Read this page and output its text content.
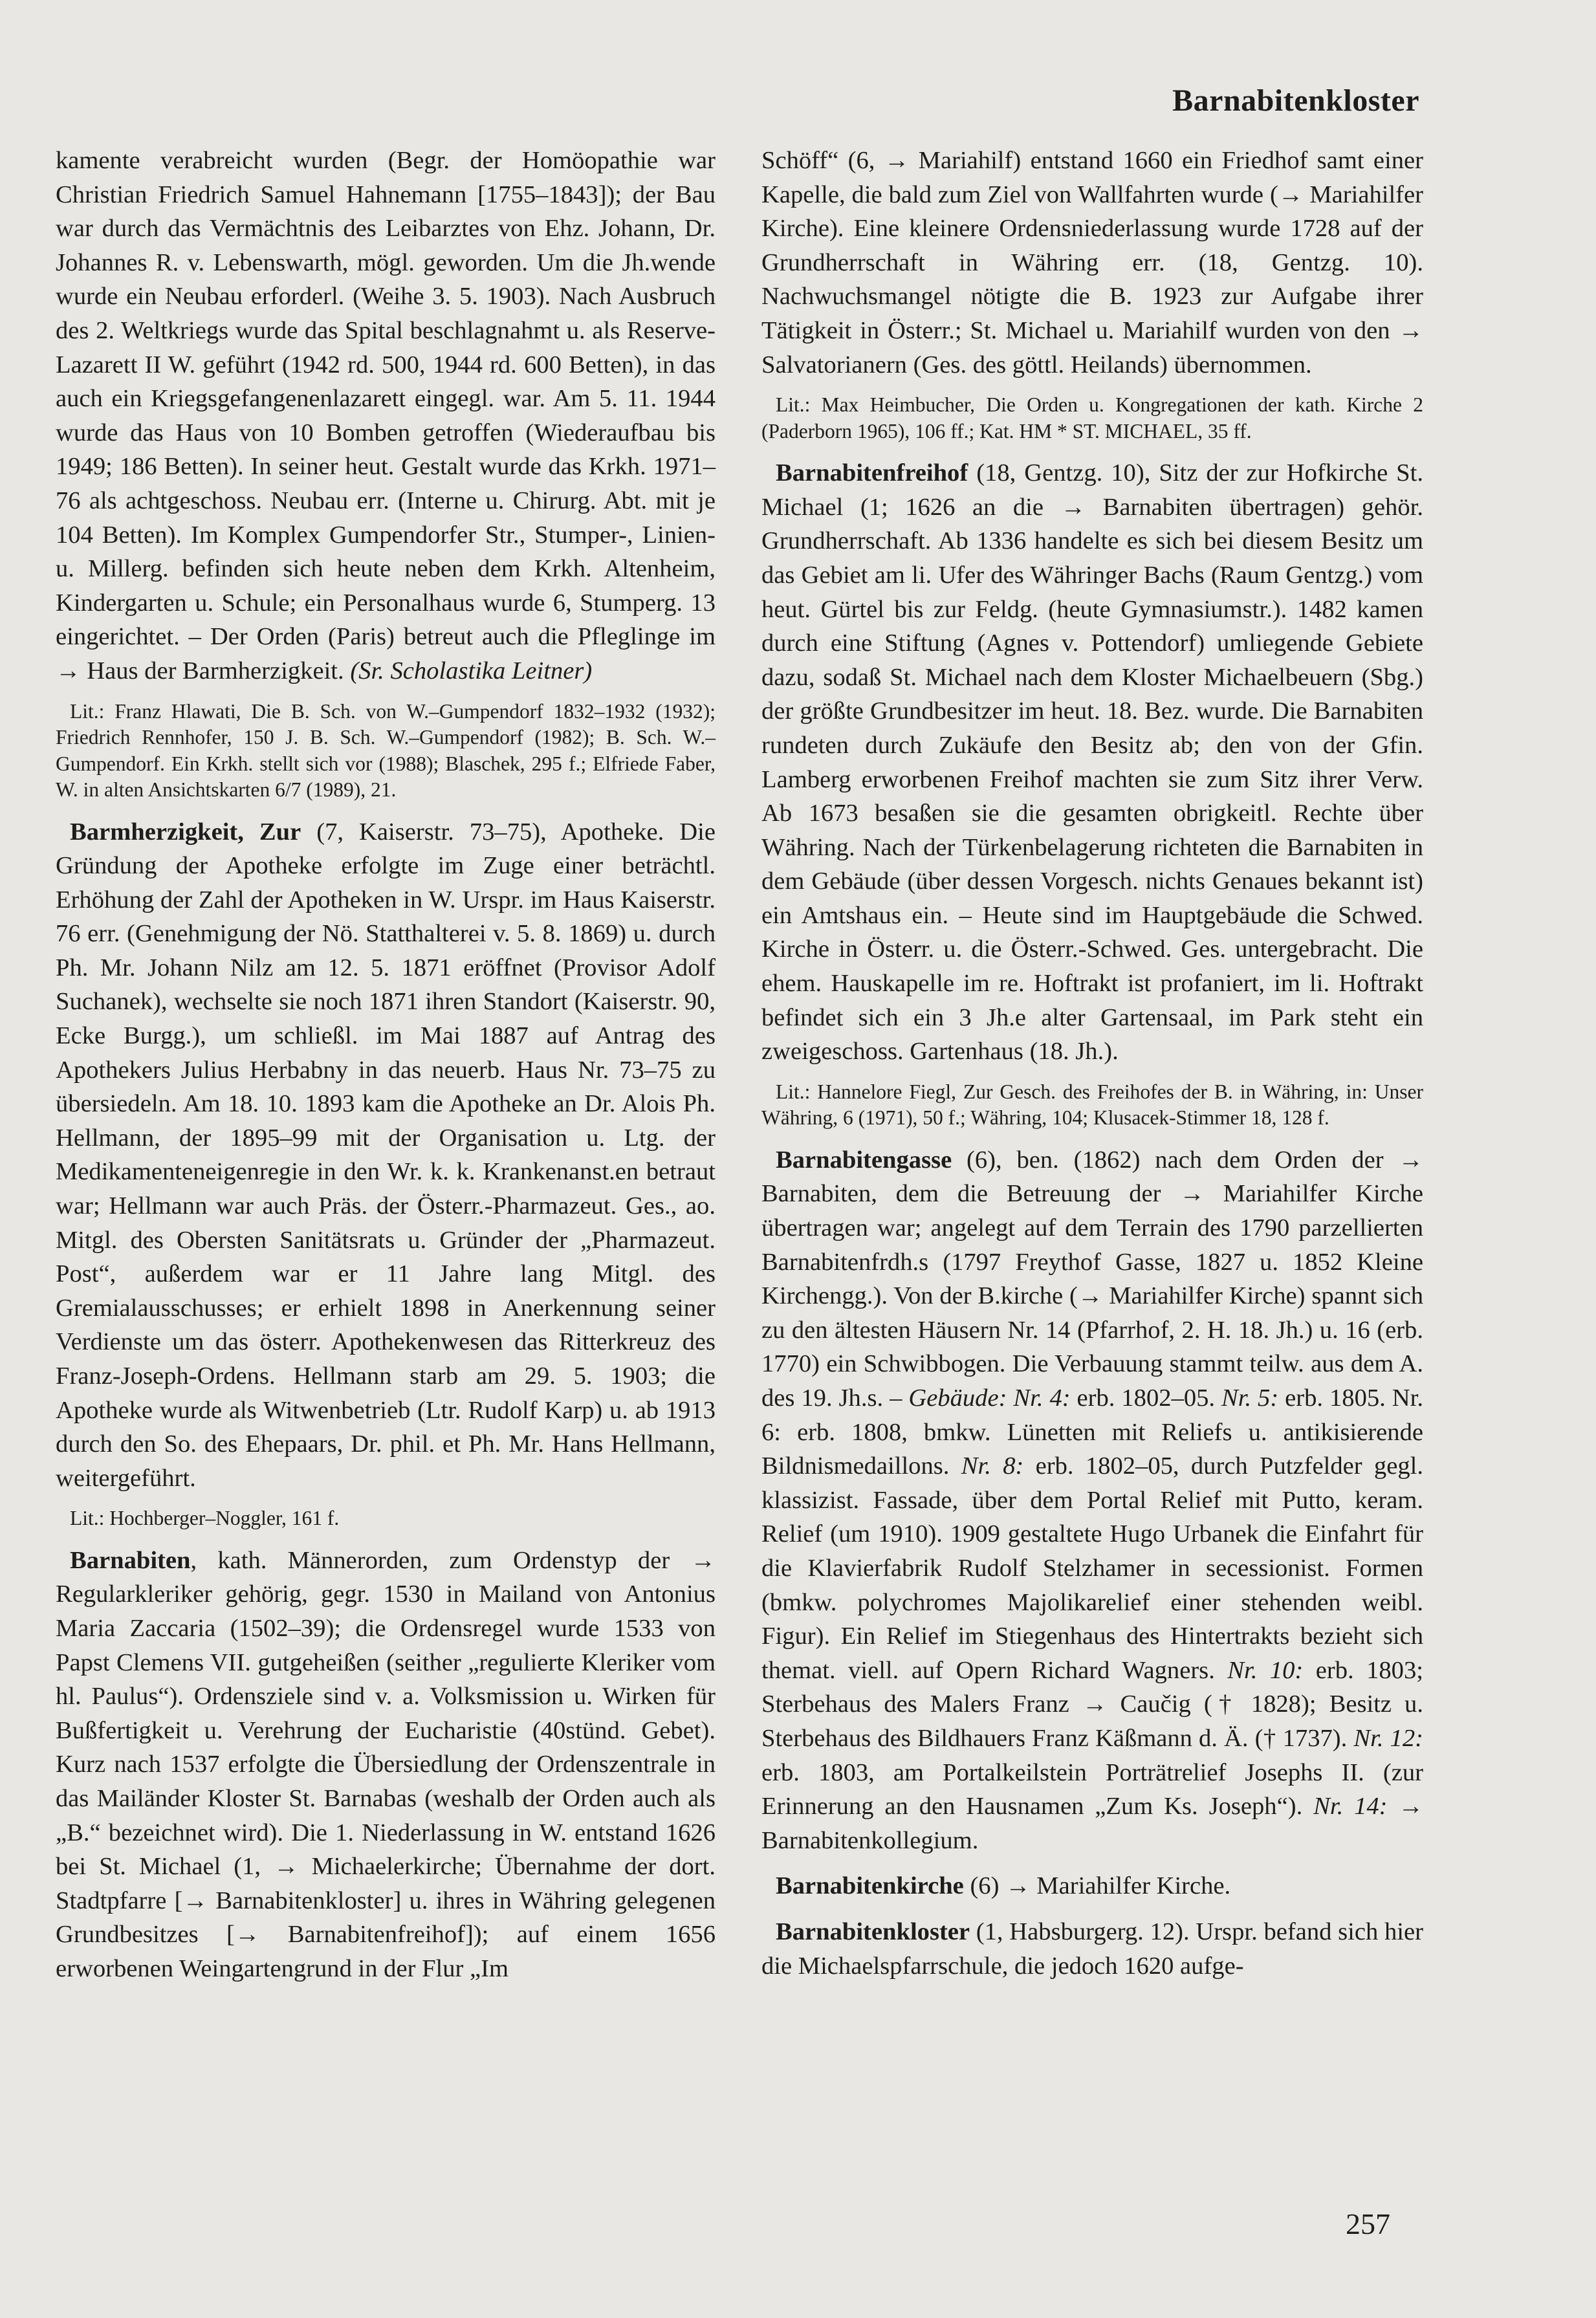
Barnabitenkloster

kamente verabreicht wurden (Begr. der Homöopathie war Christian Friedrich Samuel Hahnemann [1755–1843]); der Bau war durch das Vermächtnis des Leibarztes von Ehz. Johann, Dr. Johannes R. v. Lebenswarth, mögl. geworden. Um die Jh.wende wurde ein Neubau erforderl. (Weihe 3. 5. 1903). Nach Ausbruch des 2. Weltkriegs wurde das Spital beschlagnahmt u. als Reserve-Lazarett II W. geführt (1942 rd. 500, 1944 rd. 600 Betten), in das auch ein Kriegsgefangenenlazarett eingegl. war. Am 5. 11. 1944 wurde das Haus von 10 Bomben getroffen (Wiederaufbau bis 1949; 186 Betten). In seiner heut. Gestalt wurde das Krkh. 1971–76 als achtgeschoss. Neubau err. (Interne u. Chirurg. Abt. mit je 104 Betten). Im Komplex Gumpendorfer Str., Stumper-, Linien- u. Millerg. befinden sich heute neben dem Krkh. Altenheim, Kindergarten u. Schule; ein Personalhaus wurde 6, Stumperg. 13 eingerichtet. – Der Orden (Paris) betreut auch die Pfleglinge im → Haus der Barmherzigkeit. (Sr. Scholastika Leitner)

Lit.: Franz Hlawati, Die B. Sch. von W.–Gumpendorf 1832–1932 (1932); Friedrich Rennhofer, 150 J. B. Sch. W.–Gumpendorf (1982); B. Sch. W.–Gumpendorf. Ein Krkh. stellt sich vor (1988); Blaschek, 295 f.; Elfriede Faber, W. in alten Ansichtskarten 6/7 (1989), 21.

Barmherzigkeit, Zur (7, Kaiserstr. 73–75), Apotheke. Die Gründung der Apotheke erfolgte im Zuge einer beträchtl. Erhöhung der Zahl der Apotheken in W. Urspr. im Haus Kaiserstr. 76 err. (Genehmigung der Nö. Statthalterei v. 5. 8. 1869) u. durch Ph. Mr. Johann Nilz am 12. 5. 1871 eröffnet (Provisor Adolf Suchanek), wechselte sie noch 1871 ihren Standort (Kaiserstr. 90, Ecke Burgg.), um schließl. im Mai 1887 auf Antrag des Apothekers Julius Herbabny in das neuerb. Haus Nr. 73–75 zu übersiedeln. Am 18. 10. 1893 kam die Apotheke an Dr. Alois Ph. Hellmann, der 1895–99 mit der Organisation u. Ltg. der Medikamenteneigenregie in den Wr. k. k. Krankenanst.en betraut war; Hellmann war auch Präs. der Österr.-Pharmazeut. Ges., ao. Mitgl. des Obersten Sanitätsrats u. Gründer der „Pharmazeut. Post“, außerdem war er 11 Jahre lang Mitgl. des Gremialausschusses; er erhielt 1898 in Anerkennung seiner Verdienste um das österr. Apothekenwesen das Ritterkreuz des Franz-Joseph-Ordens. Hellmann starb am 29. 5. 1903; die Apotheke wurde als Witwenbetrieb (Ltr. Rudolf Karp) u. ab 1913 durch den So. des Ehepaars, Dr. phil. et Ph. Mr. Hans Hellmann, weitergeführt.

Lit.: Hochberger–Noggler, 161 f.

Barnabiten, kath. Männerorden, zum Ordenstyp der → Regularkleriker gehörig, gegr. 1530 in Mailand von Antonius Maria Zaccaria (1502–39); die Ordensregel wurde 1533 von Papst Clemens VII. gutgeheißen (seither „regulierte Kleriker vom hl. Paulus“). Ordensziele sind v. a. Volksmission u. Wirken für Bußfertigkeit u. Verehrung der Eucharistie (40stünd. Gebet). Kurz nach 1537 erfolgte die Übersiedlung der Ordenszentrale in das Mailänder Kloster St. Barnabas (weshalb der Orden auch als „B.“ bezeichnet wird). Die 1. Niederlassung in W. entstand 1626 bei St. Michael (1, → Michaelerkirche; Übernahme der dort. Stadtpfarre [→ Barnabitenkloster] u. ihres in Währing gelegenen Grundbesitzes [→ Barnabitenfreihof]); auf einem 1656 erworbenen Weingartengrund in der Flur „Im

Schöff“ (6, → Mariahilf) entstand 1660 ein Friedhof samt einer Kapelle, die bald zum Ziel von Wallfahrten wurde (→ Mariahilfer Kirche). Eine kleinere Ordensniederlassung wurde 1728 auf der Grundherrschaft in Währing err. (18, Gentzg. 10). Nachwuchsmangel nötigte die B. 1923 zur Aufgabe ihrer Tätigkeit in Österr.; St. Michael u. Mariahilf wurden von den → Salvatorianern (Ges. des göttl. Heilands) übernommen.

Lit.: Max Heimbucher, Die Orden u. Kongregationen der kath. Kirche 2 (Paderborn 1965), 106 ff.; Kat. HM * ST. MICHAEL, 35 ff.

Barnabitenfreihof (18, Gentzg. 10), Sitz der zur Hofkirche St. Michael (1; 1626 an die → Barnabiten übertragen) gehör. Grundherrschaft. Ab 1336 handelte es sich bei diesem Besitz um das Gebiet am li. Ufer des Währinger Bachs (Raum Gentzg.) vom heut. Gürtel bis zur Feldg. (heute Gymnasiumstr.). 1482 kamen durch eine Stiftung (Agnes v. Pottendorf) umliegende Gebiete dazu, sodaß St. Michael nach dem Kloster Michaelbeuern (Sbg.) der größte Grundbesitzer im heut. 18. Bez. wurde. Die Barnabiten rundeten durch Zukäufe den Besitz ab; den von der Gfin. Lamberg erworbenen Freihof machten sie zum Sitz ihrer Verw. Ab 1673 besaßen sie die gesamten obrigkeitl. Rechte über Währing. Nach der Türkenbelagerung richteten die Barnabiten in dem Gebäude (über dessen Vorgesch. nichts Genaues bekannt ist) ein Amtshaus ein. – Heute sind im Hauptgebäude die Schwed. Kirche in Österr. u. die Österr.-Schwed. Ges. untergebracht. Die ehem. Hauskapelle im re. Hoftrakt ist profaniert, im li. Hoftrakt befindet sich ein 3 Jh.e alter Gartensaal, im Park steht ein zweigeschoss. Gartenhaus (18. Jh.).

Lit.: Hannelore Fiegl, Zur Gesch. des Freihofes der B. in Währing, in: Unser Währing, 6 (1971), 50 f.; Währing, 104; Klusacek-Stimmer 18, 128 f.

Barnabitengasse (6), ben. (1862) nach dem Orden der → Barnabiten, dem die Betreuung der → Mariahilfer Kirche übertragen war; angelegt auf dem Terrain des 1790 parzellierten Barnabitenfrdh.s (1797 Freythof Gasse, 1827 u. 1852 Kleine Kirchengg.). Von der B.kirche (→ Mariahilfer Kirche) spannt sich zu den ältesten Häusern Nr. 14 (Pfarrhof, 2. H. 18. Jh.) u. 16 (erb. 1770) ein Schwibbogen. Die Verbauung stammt teilw. aus dem A. des 19. Jh.s. – Gebäude: Nr. 4: erb. 1802–05. Nr. 5: erb. 1805. Nr. 6: erb. 1808, bmkw. Lünetten mit Reliefs u. antikisierende Bildnismedaillons. Nr. 8: erb. 1802–05, durch Putzfelder gegl. klassizist. Fassade, über dem Portal Relief mit Putto, keram. Relief (um 1910). 1909 gestaltete Hugo Urbanek die Einfahrt für die Klavierfabrik Rudolf Stelzhamer in secessionist. Formen (bmkw. polychromes Majolikarelief einer stehenden weibl. Figur). Ein Relief im Stiegenhaus des Hintertrakts bezieht sich themat. viell. auf Opern Richard Wagners. Nr. 10: erb. 1803; Sterbehaus des Malers Franz → Caučig († 1828); Besitz u. Sterbehaus des Bildhauers Franz Käßmann d. Ä. († 1737). Nr. 12: erb. 1803, am Portalkeilstein Porträtrelief Josephs II. (zur Erinnerung an den Hausnamen „Zum Ks. Joseph“). Nr. 14: → Barnabitenkollegium.

Barnabitenkirche (6) → Mariahilfer Kirche.

Barnabitenkloster (1, Habsburgerg. 12). Urspr. befand sich hier die Michaelspfarrschule, die jedoch 1620 aufge-

257
